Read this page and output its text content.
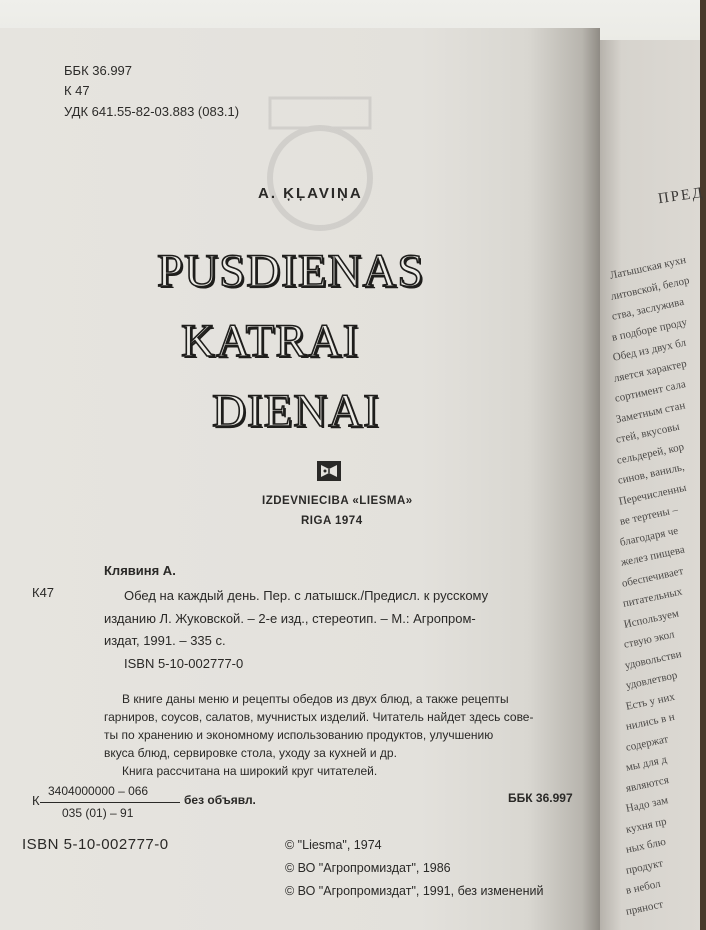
ПРЕД
Латышская кухн
литовской, белор
ства, заслужива
в подборе проду
Обед из двух бл
ляется характер
сортимент сала
Заметным стан
стей, вкусовы
сельдерей, кор
синов, ваниль,
Перечисленны
ве тертены –
благодаря че
желез пищева
обеспечивает
питательных
Используем
ствую экол
удовольстви
удовлетвор
Есть у них
нились в н
содержат
мы для д
являются
Надо зам
кухня пр
ных блю
продукт
в небол
пряност
ББК 36.997
К 47
УДК 641.55-82-03.883 (083.1)
A. ĶĻAVIŅA
PUSDIENAS
KATRAI
DIENAI
IZDEVNIECIBA «LIESMA»
RIGA 1974
Клявиня А.
К47	Обед на каждый день. Пер. с латышск./Предисл. к русскому
изданию Л. Жуковской. – 2-е изд., стереотип. – М.: Агропром-
издат, 1991. – 335 с.
ISBN 5-10-002777-0
В книге даны меню и рецепты обедов из двух блюд, а также рецепты
гарниров, соусов, салатов, мучнистых изделий. Читатель найдет здесь сове-
ты по хранению и экономному использованию продуктов, улучшению
вкуса блюд, сервировке стола, уходу за кухней и др.
Книга рассчитана на широкий круг читателей.
К
3404000000 – 066
035 (01) – 91
без объявл.	ББК 36.997
ISBN 5-10-002777-0	© "Liesma", 1974
© ВО "Агропромиздат", 1986
© ВО "Агропромиздат", 1991, без изменений
